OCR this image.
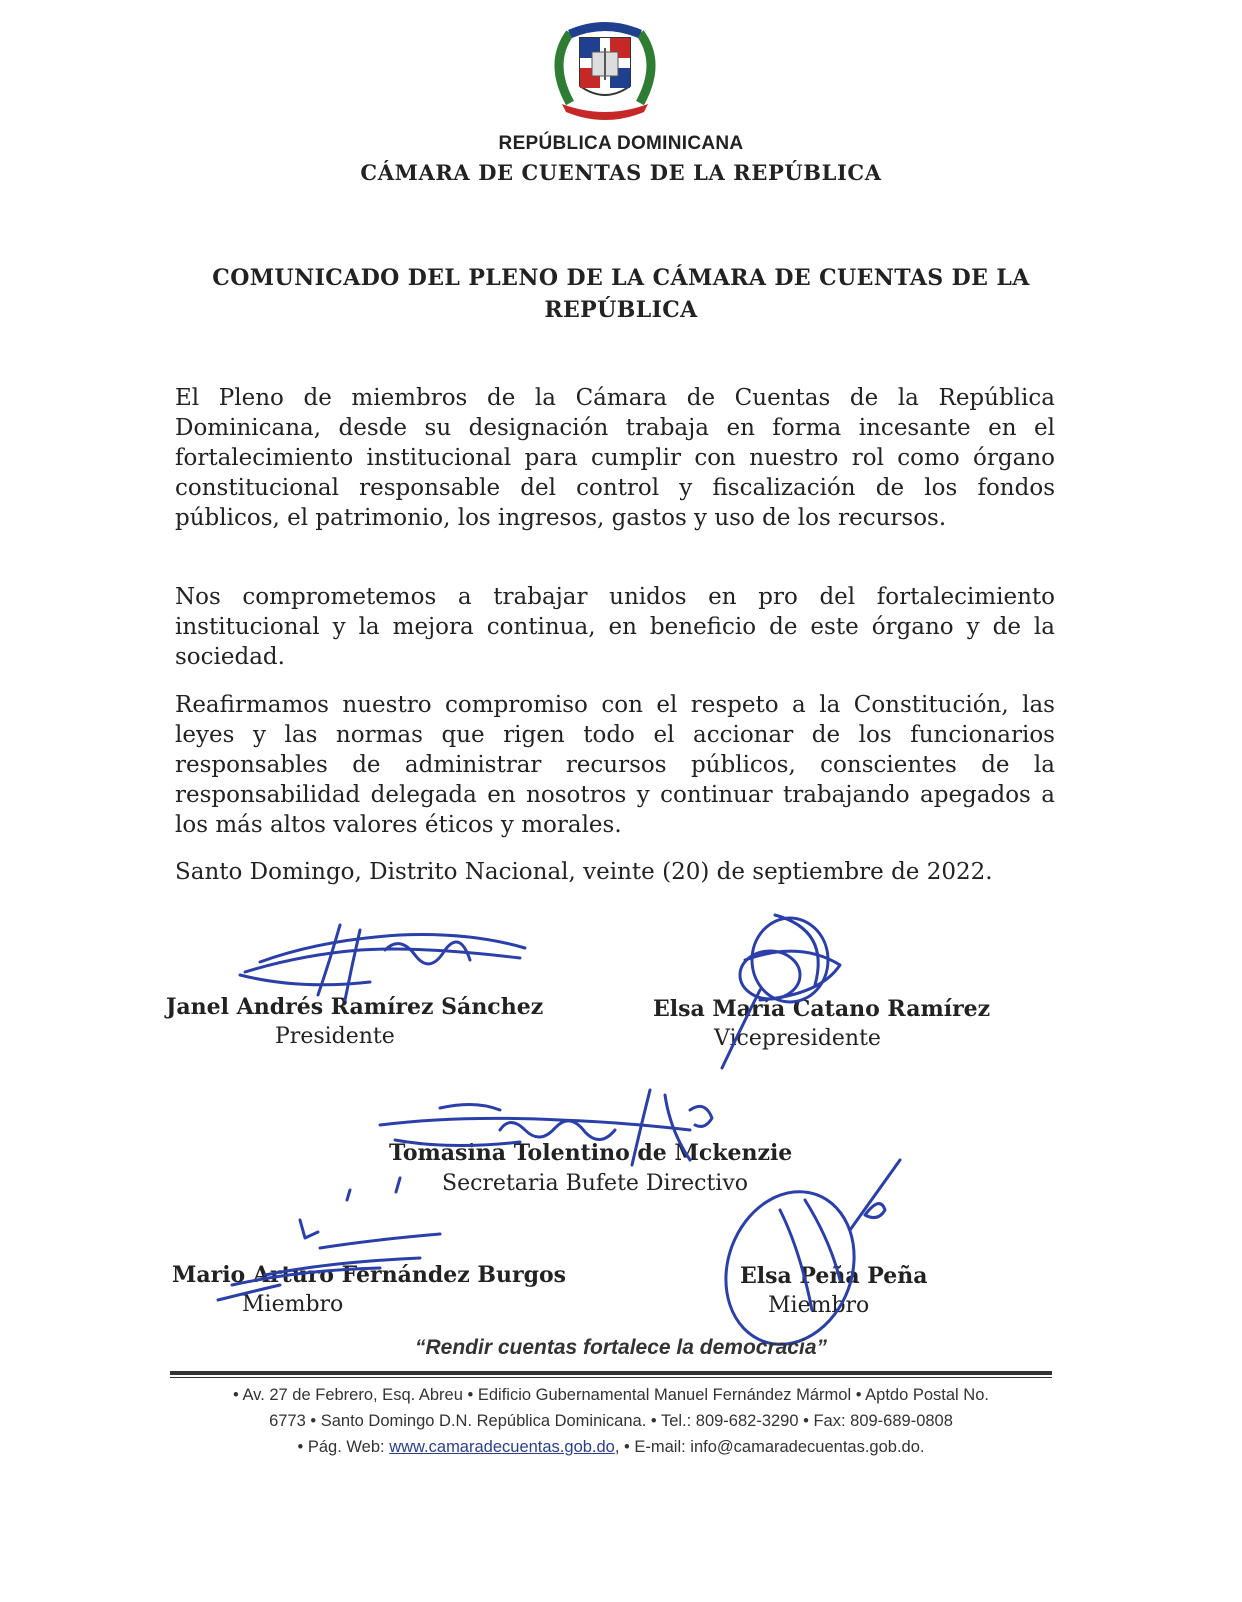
REPÚBLICA DOMINICANA
CÁMARA DE CUENTAS DE LA REPÚBLICA
COMUNICADO DEL PLENO DE LA CÁMARA DE CUENTAS DE LA REPÚBLICA
El Pleno de miembros de la Cámara de Cuentas de la República Dominicana, desde su designación trabaja en forma incesante en el fortalecimiento institucional para cumplir con nuestro rol como órgano constitucional responsable del control y fiscalización de los fondos públicos, el patrimonio, los ingresos, gastos y uso de los recursos.
Nos comprometemos a trabajar unidos en pro del fortalecimiento institucional y la mejora continua, en beneficio de este órgano y de la sociedad.
Reafirmamos nuestro compromiso con el respeto a la Constitución, las leyes y las normas que rigen todo el accionar de los funcionarios responsables de administrar recursos públicos, conscientes de la responsabilidad delegada en nosotros y continuar trabajando apegados a los más altos valores éticos y morales.
Santo Domingo, Distrito Nacional, veinte (20) de septiembre de 2022.
Janel Andrés Ramírez Sánchez
Presidente
Elsa María Catano Ramírez
Vicepresidente
Tomasina Tolentino de Mckenzie
Secretaria Bufete Directivo
Mario Arturo Fernández Burgos
Miembro
Elsa Peña Peña
Miembro
“Rendir cuentas fortalece la democracia”
• Av. 27 de Febrero, Esq. Abreu • Edificio Gubernamental Manuel Fernández Mármol • Aptdo Postal No.
6773 • Santo Domingo D.N. República Dominicana. • Tel.: 809-682-3290 • Fax: 809-689-0808
• Pág. Web: www.camaradecuentas.gob.do, • E-mail: info@camaradecuentas.gob.do.
